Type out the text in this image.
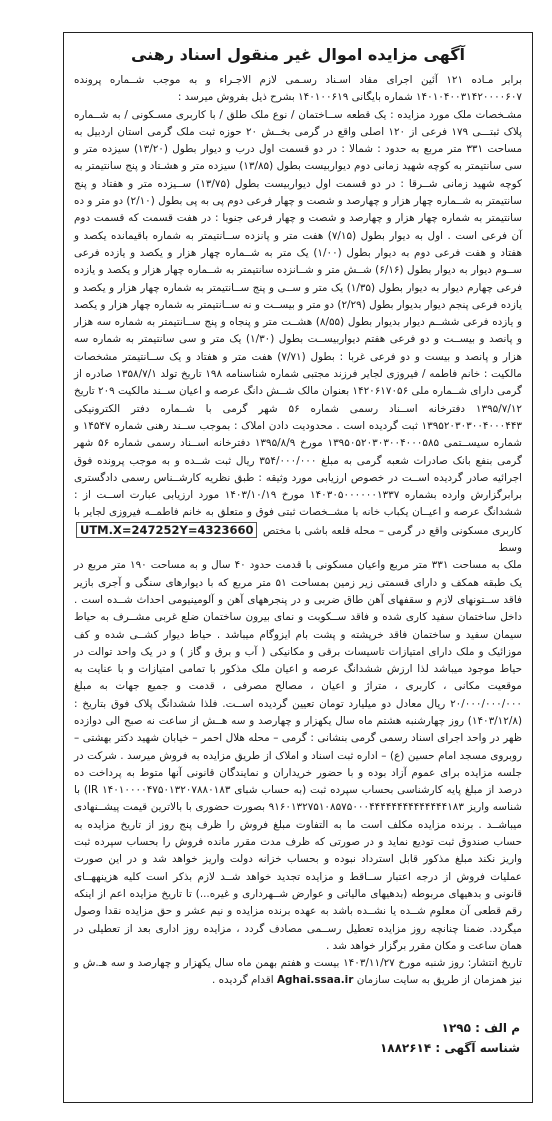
آگهی مزایده اموال غیر منقول اسناد رهنی

برابر مـاده ۱۲۱ آئین اجرای مفاد اسـناد رسـمی لازم الاجـراء و به موجب شــماره پرونده ۱۴۰۱۰۴۰۰۳۱۴۲۰۰۰۰۶۰۷ شماره بایگانی ۱۴۰۱۰۰۶۱۹ بشرح ذیل بفروش میرسد :

مشـخصات ملک مورد مزایده : یک قطعه ســاختمان / نوع ملک طلق / با کاربری مسـکونی / به شــماره پلاک ثبتـــی ۱۷۹ فرعی از ۱۲۰ اصلی واقع در گرمی بخــش ۲۰ حوزه ثبت ملک گرمی استان اردبیل به مساحت ۳۳۱ متر مربع به حدود : شمالا : در دو قسمت اول درب و دیوار بطول (۱۳/۲۰) سیزده متر و سی سانتیمتر به کوچه شهید زمانی دوم دیواربیست بطول (۱۳/۸۵) سیزده متر و هشـتاد و پنج سانتیمتر به کوچه شهید زمانی شــرقا : در دو قسمت اول دیواربیست بطول (۱۳/۷۵) ســیزده متر و هفتاد و پنج سانتیمتر به شــماره چهار هزار و چهارصد و شصت و چهار فرعی دوم پی به پی بطول (۲/۱۰) دو متر و ده سانتیمتر به شماره چهار هزار و چهارصد و شصت و چهار فرعی جنوبا : در هفت قسمت که قسمت دوم آن فرعی است . اول به دیوار بطول (۷/۱۵) هفت متر و پانزده ســانتیمتر به شماره باقیمانده یکصد و هفتاد و هفت فرعی دوم به دیوار بطول (۱/۰۰) یک متر به شــماره چهار هزار و یکصد و یازده فرعی ســوم دیوار به دیوار بطول (۶/۱۶) شــش متر و شــانزده سانتیمتر به شــماره چهار هزار و یکصد و یازده فرعی چهارم دیوار به دیوار بطول (۱/۳۵) یک متر و ســی و پنج ســانتیمتر به شماره چهار هزار و یکصد و یازده فرعی پنجم دیوار بدیوار بطول (۲/۲۹) دو متر و بیســت و نه ســانتیمتر به شماره چهار هزار و یکصد و یازده فرعی ششــم دیوار بدیوار بطول (۸/۵۵) هشــت متر و پنجاه و پنج ســانتیمتر به شماره سه هزار و پانصد و بیســت و دو فرعی هفتم دیواربیســت بطول (۱/۳۰) یک متر و سی سانتیمتر به شماره سه هزار و پانصد و بیست و دو فرعی غربا : بطول (۷/۷۱) هفت متر و هفتاد و یک ســانتیمتر مشخصات مالکیت : خانم فاطمه / فیروزی لجایر فرزند مجتبی شماره شناسنامه ۱۹۸ تاریخ تولد ۱۳۵۸/۷/۱ صادره از گرمی دارای شــماره ملی ۱۴۲۰۶۱۷۰۵۶ بعنوان مالک شــش دانگ عرصه و اعیان ســند مالکیت ۲۰۹ تاریخ ۱۳۹۵/۷/۱۲ دفترخانه اســناد رسمی شماره ۵۶ شهر گرمی با شــماره دفتر الکترونیکی ۱۳۹۵۲۰۳۰۳۰۰۴۰۰۰۴۴۳ ثبت گردیده است . محدودیت دادن املاک : بموجب ســند رهنی شماره ۱۴۵۴۷ و شماره سیســتمی ۱۳۹۵۰۵۲۰۳۰۳۰۰۴۰۰۰۵۸۵ مورخ ۱۳۹۵/۸/۹ دفترخانه اســناد رسمی شماره ۵۶ شهر گرمی بنفع بانک صادرات شعبه گرمی به مبلغ ۳۵۴/۰۰۰/۰۰۰ ریال ثبت شــده و به موجب پرونده فوق اجرائیه صادر گردیده اســت در خصوص ارزیابی مورد وثیقه : طبق نظریه کارشــناس رسمی دادگستری برابرگزارش وارده بشماره ۱۴۰۳۰۵۰۰۰۰۰۰۱۳۳۷ مورخ ۱۴۰۳/۱۰/۱۹ مورد ارزیابی عبارت اســت از : ششدانگ عرصه و اعیــان یکباب خانه با مشــخصات ثبتی فوق و متعلق به خانم فاطمــه فیروزی لجایر با کاربری مسکونی واقع در گرمی – محله قلعه باشی با مختص UTM.X=247252Y=4323660 وسط

ملک به مساحت ۳۳۱ متر مربع واعیان مسکونی با قدمت حدود ۴۰ سال و به مساحت ۱۹۰ متر مربع در یک طبقه همکف و دارای قسمتی زیر زمین بمساحت ۵۱ متر مربع که با دیوارهای سنگی و آجری بازیر فاقد ســتونهای لازم و سقفهای آهن طاق ضربی و در پنجرههای آهن و آلومینیومی احداث شــده است . داخل ساختمان سفید کاری شده و فاقد ســکوبت و نمای بیرون ساختمان ضلع غربی مشــرف به حیاط سیمان سفید و ساختمان فاقد خرپشته و پشت بام ایزوگام میباشد . حیاط دیوار کشــی شده و کف موزائیک و ملک دارای امتیازات تاسیسات برقی و مکانیکی ( آب و برق و گاز ) و در یک واحد توالت در حیاط موجود میباشد لذا ارزش ششدانگ عرصه و اعیان ملک مذکور با تمامی امتیازات و با عنایت به موقعیت مکانی ، کاربری ، متراژ و اعیان ، مصالح مصرفی ، قدمت و جمیع جهات به مبلغ ۲۰/۰۰۰/۰۰۰/۰۰۰ ریال معادل دو میلیارد تومان تعیین گردیده اســت. فلذا ششدانگ پلاک فوق بتاریخ : (۱۴۰۳/۱۲/۸) روز چهارشنبه هشتم ماه سال یکهزار و چهارصد و سه هــش از ساعت نه صبح الی دوازده ظهر در واحد اجرای اسناد رسمی گرمی بنشانی : گرمی – محله هلال احمر – خیابان شهید دکتر بهشتی – روبروی مسجد امام حسین (ع) – اداره ثبت اسناد و املاک از طریق مزایده به فروش میرسد . شرکت در جلسه مزایده برای عموم آزاد بوده و با حضور خریداران و نمایندگان قانونی آنها متوط به پرداخت ده درصد از مبلغ پایه کارشناسی بحساب سپرده ثبت (به حساب شبای ۱۴۰۱۰۰۰۰۴۷۵۰۱۳۲۰۷۸۸۰۱۸۳ IR) با شناسه واریز ۹۱۶۰۱۳۲۷۵۱۰۸۵۷۵۰۰۰۴۴۴۴۴۴۴۴۴۴۴۴۴۴۱۸۳ بصورت حضوری با بالاترین قیمت پیشــنهادی میباشــد . برنده مزایده مکلف است ما به التفاوت مبلغ فروش را ظرف پنج روز از تاریخ مزایده به حساب صندوق ثبت تودیع نماید و در صورتی که ظرف مدت مقرر مانده فروش را بحساب سپرده ثبت واریز نکند مبلغ مذکور قابل استرداد نبوده و بحساب خزانه دولت واریز خواهد شد و در این صورت عملیات فروش از درجه اعتبار ســاقط و مزایده تجدید خواهد شــد لازم بذکر است کلیه هزینههــای قانونی و بدهیهای مربوطه (بدهیهای مالیاتی و عوارض شــهرداری و غیره...) تا تاریخ مزایده اعم از اینکه رقم قطعی آن معلوم شــده یا نشــده باشد به عهده برنده مزایده و نیم عشر و حق مزایده نقدا وصول میگردد. ضمنا چنانچه روز مزایده تعطیل رســمی مصادف گردد ، مزایده روز اداری بعد از تعطیلی در همان ساعت و مکان مقرر برگزار خواهد شد .

تاریخ انتشار: روز شنبه مورخ ۱۴۰۳/۱۱/۲۷ بیست و هفتم بهمن ماه سال یکهزار و چهارصد و سه هـ.ش و نیز همزمان از طریق به سایت سازمان Aghai.ssaa.ir اقدام گردیده .

م الف : ۱۲۹۵
شناسه آگهی : ۱۸۸۲۶۱۴
